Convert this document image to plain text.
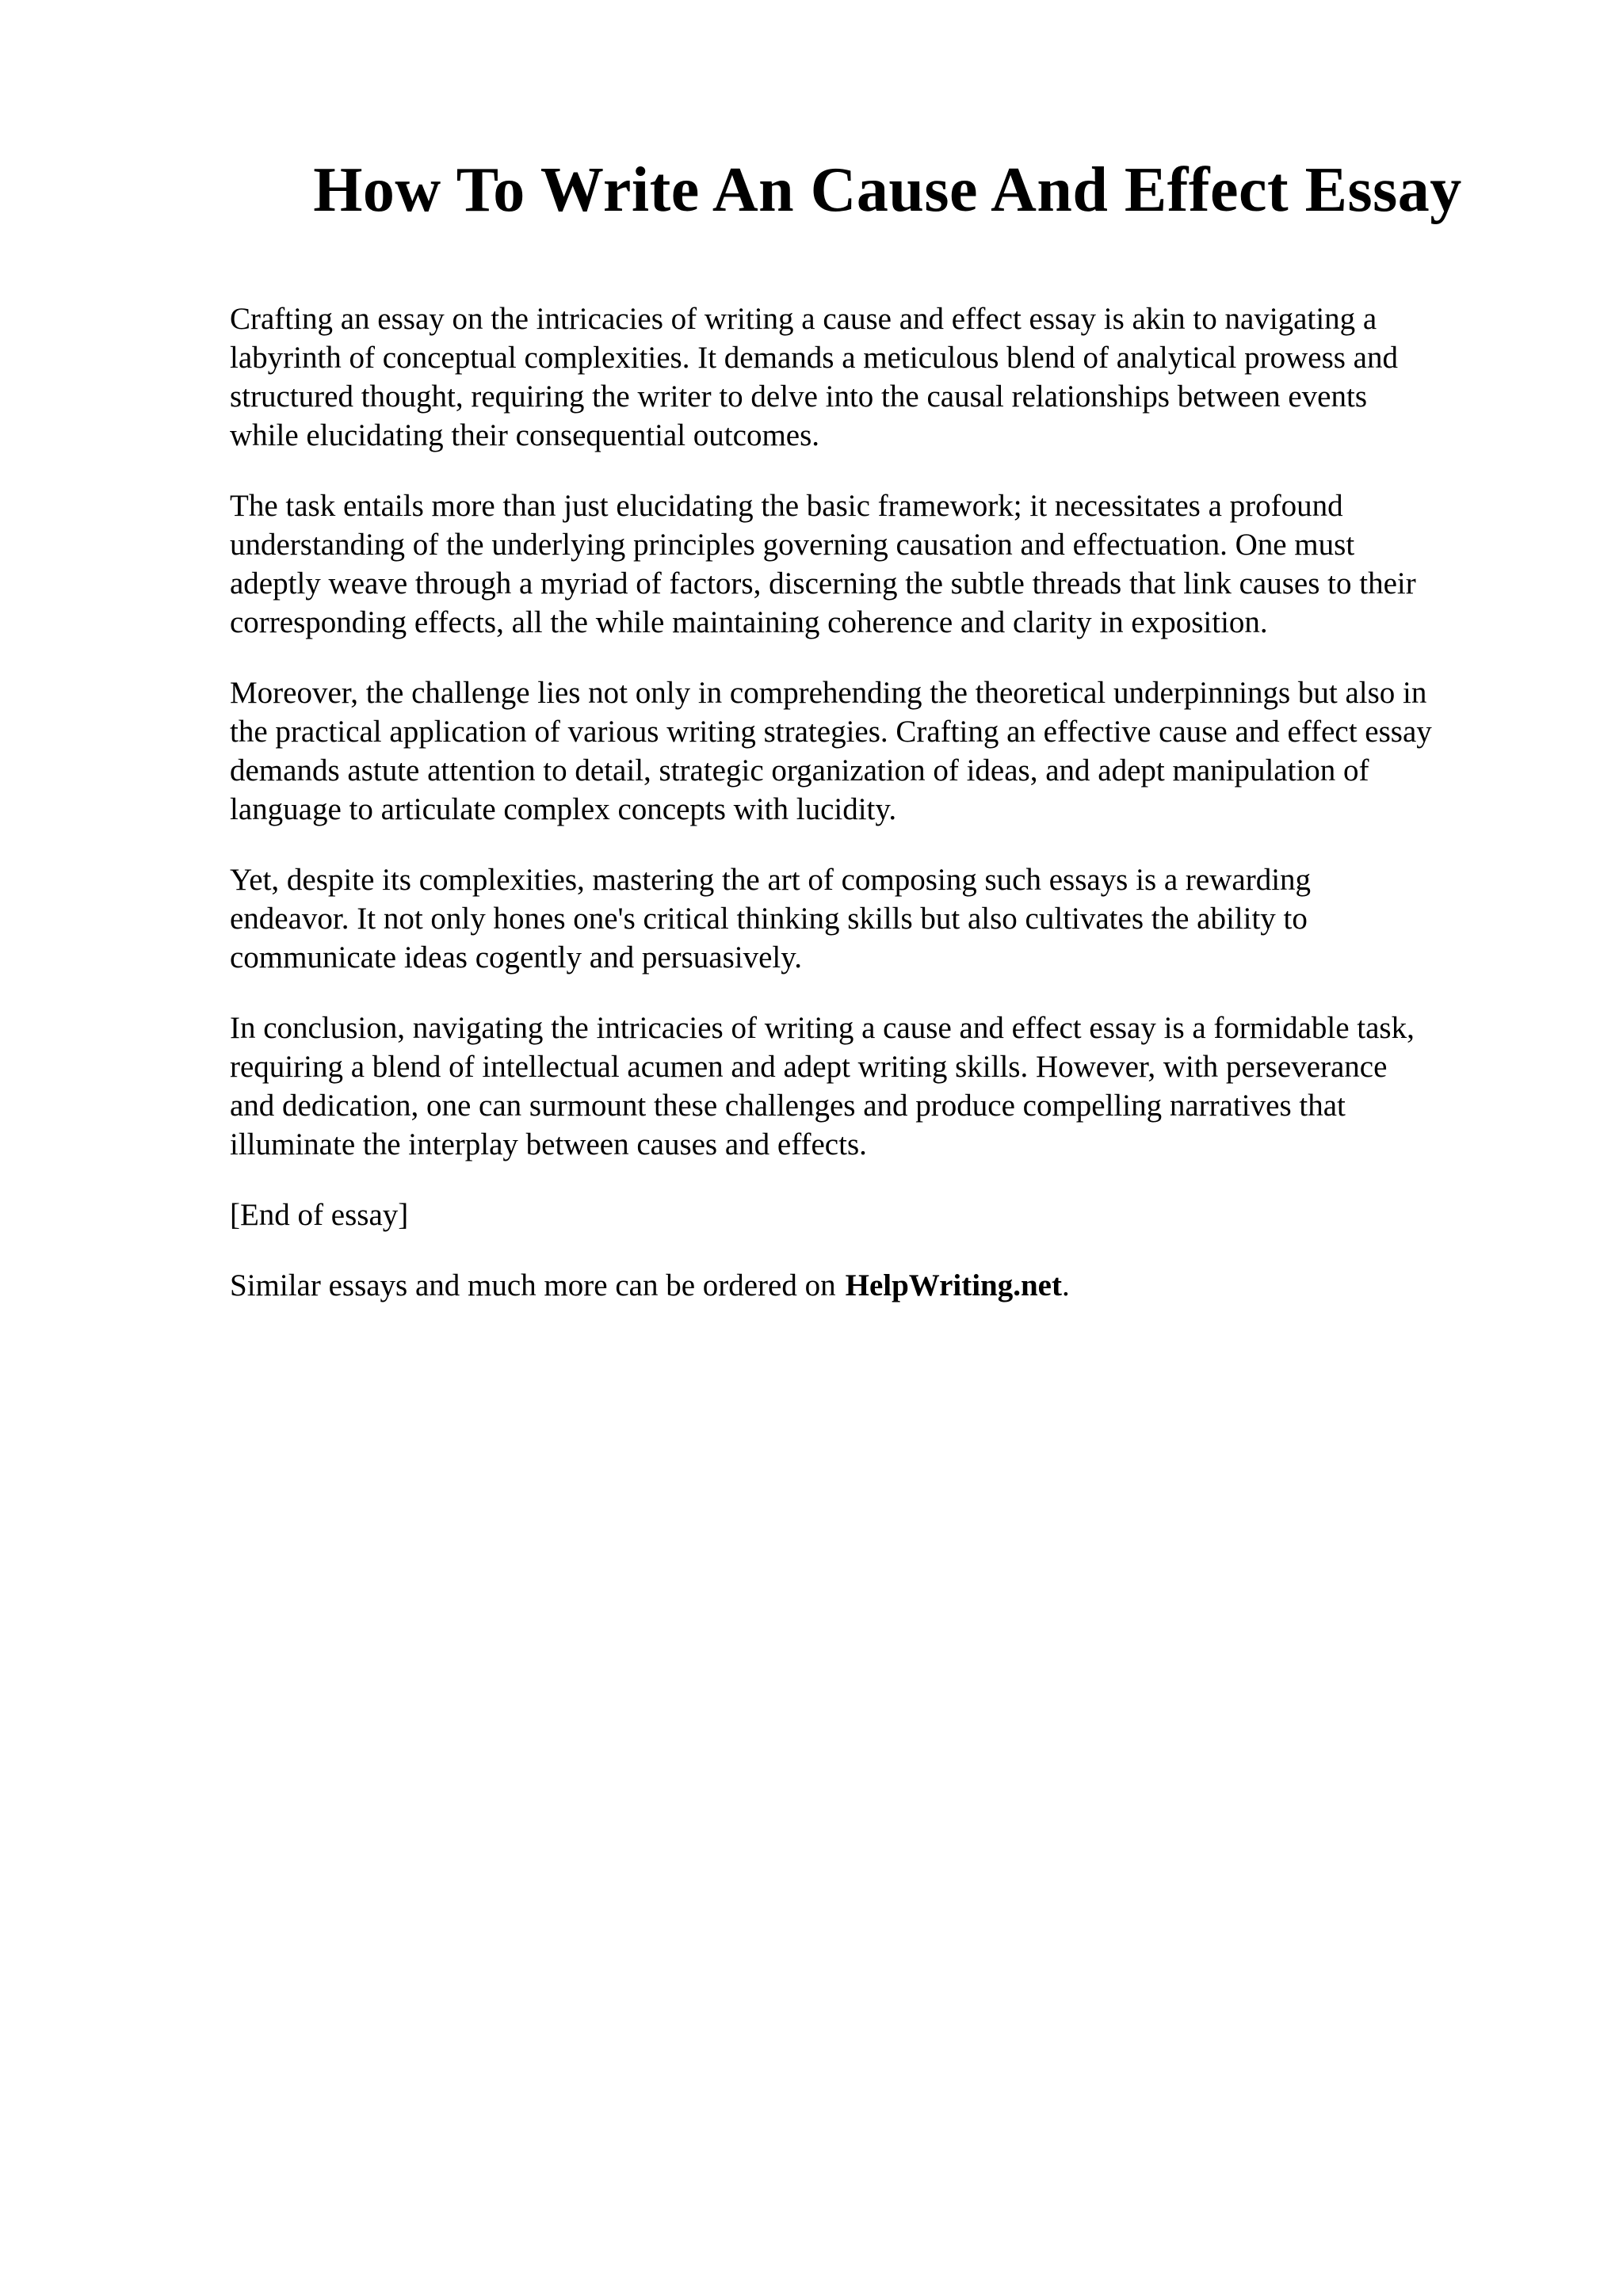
How To Write An Cause And Effect Essay

Crafting an essay on the intricacies of writing a cause and effect essay is akin to navigating a
labyrinth of conceptual complexities. It demands a meticulous blend of analytical prowess and
structured thought, requiring the writer to delve into the causal relationships between events
while elucidating their consequential outcomes.

The task entails more than just elucidating the basic framework; it necessitates a profound
understanding of the underlying principles governing causation and effectuation. One must
adeptly weave through a myriad of factors, discerning the subtle threads that link causes to their
corresponding effects, all the while maintaining coherence and clarity in exposition.

Moreover, the challenge lies not only in comprehending the theoretical underpinnings but also in
the practical application of various writing strategies. Crafting an effective cause and effect essay
demands astute attention to detail, strategic organization of ideas, and adept manipulation of
language to articulate complex concepts with lucidity.

Yet, despite its complexities, mastering the art of composing such essays is a rewarding
endeavor. It not only hones one's critical thinking skills but also cultivates the ability to
communicate ideas cogently and persuasively.

In conclusion, navigating the intricacies of writing a cause and effect essay is a formidable task,
requiring a blend of intellectual acumen and adept writing skills. However, with perseverance
and dedication, one can surmount these challenges and produce compelling narratives that
illuminate the interplay between causes and effects.

[End of essay]

Similar essays and much more can be ordered on HelpWriting.net.
